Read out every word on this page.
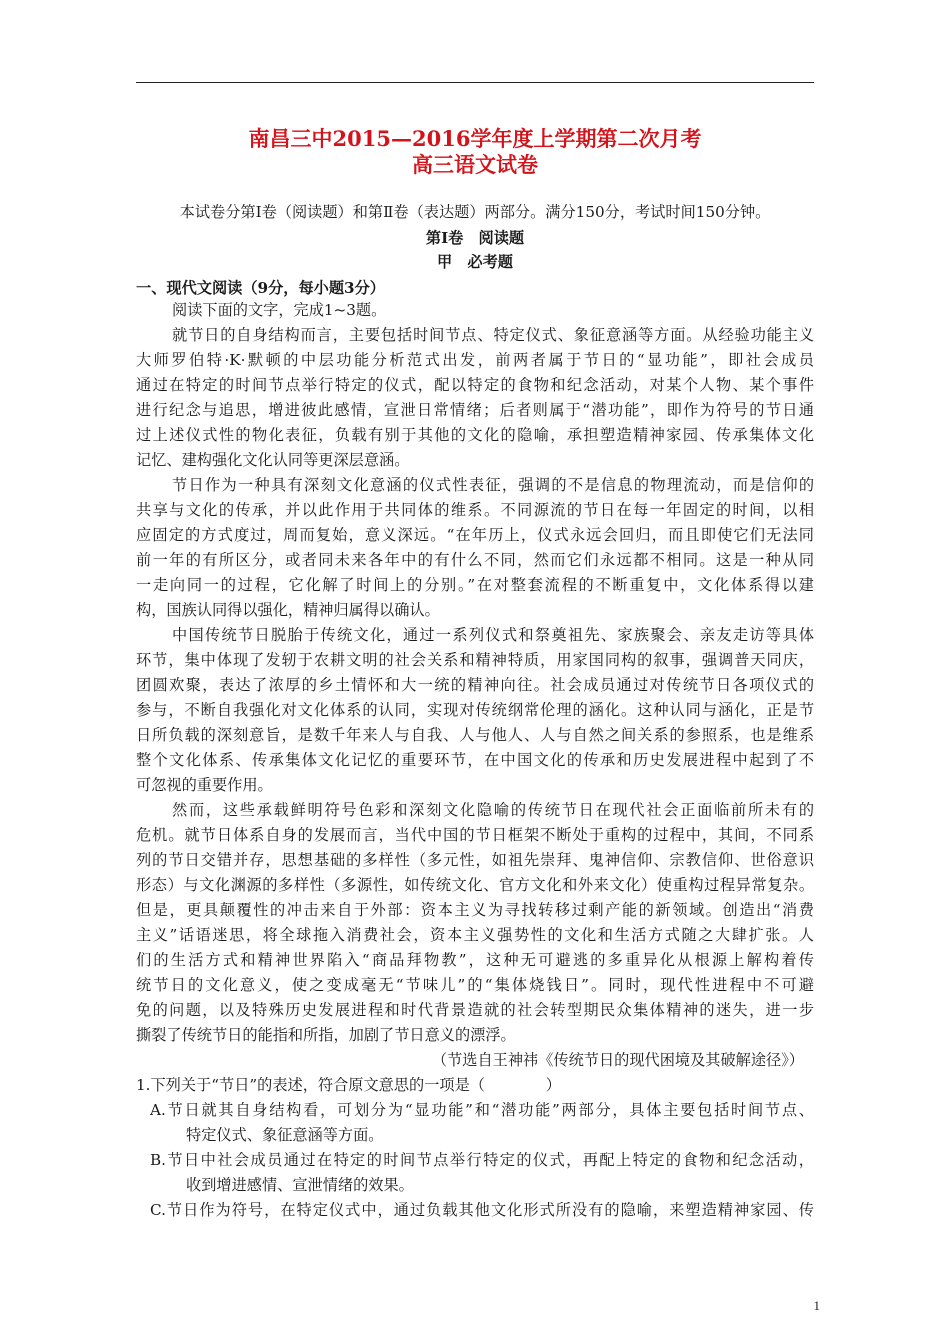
南昌三中2015—2016学年度上学期第二次月考
高三语文试卷
本试卷分第Ⅰ卷（阅读题）和第Ⅱ卷（表达题）两部分。满分150分，考试时间150分钟。
第Ⅰ卷　阅读题
甲　必考题
一、现代文阅读（9分，每小题3分）
阅读下面的文字，完成1~3题。
就节日的自身结构而言，主要包括时间节点、特定仪式、象征意涵等方面。从经验功能主义
大师罗伯特·K·默顿的中层功能分析范式出发，前两者属于节日的“显功能”，即社会成员
通过在特定的时间节点举行特定的仪式，配以特定的食物和纪念活动，对某个人物、某个事件
进行纪念与追思，增进彼此感情，宣泄日常情绪；后者则属于“潜功能”，即作为符号的节日通
过上述仪式性的物化表征，负载有别于其他的文化的隐喻，承担塑造精神家园、传承集体文化
记忆、建构强化文化认同等更深层意涵。
节日作为一种具有深刻文化意涵的仪式性表征，强调的不是信息的物理流动，而是信仰的
共享与文化的传承，并以此作用于共同体的维系。不同源流的节日在每一年固定的时间，以相
应固定的方式度过，周而复始，意义深远。“在年历上，仪式永远会回归，而且即使它们无法同
前一年的有所区分，或者同未来各年中的有什么不同，然而它们永远都不相同。这是一种从同
一走向同一的过程，它化解了时间上的分别。”在对整套流程的不断重复中，文化体系得以建
构，国族认同得以强化，精神归属得以确认。
中国传统节日脱胎于传统文化，通过一系列仪式和祭奠祖先、家族聚会、亲友走访等具体
环节，集中体现了发轫于农耕文明的社会关系和精神特质，用家国同构的叙事，强调普天同庆，
团圆欢聚，表达了浓厚的乡土情怀和大一统的精神向往。社会成员通过对传统节日各项仪式的
参与，不断自我强化对文化体系的认同，实现对传统纲常伦理的涵化。这种认同与涵化，正是节
日所负载的深刻意旨，是数千年来人与自我、人与他人、人与自然之间关系的参照系，也是维系
整个文化体系、传承集体文化记忆的重要环节，在中国文化的传承和历史发展进程中起到了不
可忽视的重要作用。
然而，这些承载鲜明符号色彩和深刻文化隐喻的传统节日在现代社会正面临前所未有的
危机。就节日体系自身的发展而言，当代中国的节日框架不断处于重构的过程中，其间，不同系
列的节日交错并存，思想基础的多样性（多元性，如祖先崇拜、鬼神信仰、宗教信仰、世俗意识
形态）与文化渊源的多样性（多源性，如传统文化、官方文化和外来文化）使重构过程异常复杂。
但是，更具颠覆性的冲击来自于外部：资本主义为寻找转移过剩产能的新领域。创造出“消费
主义”话语迷思，将全球拖入消费社会，资本主义强势性的文化和生活方式随之大肆扩张。人
们的生活方式和精神世界陷入“商品拜物教”，这种无可避逃的多重异化从根源上解构着传
统节日的文化意义，使之变成毫无“节味儿”的“集体烧钱日”。同时，现代性进程中不可避
免的问题，以及特殊历史发展进程和时代背景造就的社会转型期民众集体精神的迷失，进一步
撕裂了传统节日的能指和所指，加剧了节日意义的漂浮。
（节选自王神祎《传统节日的现代困境及其破解途径》）
1.下列关于“节日”的表述，符合原文意思的一项是（　　　　）
A.节日就其自身结构看，可划分为“显功能”和“潜功能”两部分，具体主要包括时间节点、
特定仪式、象征意涵等方面。
B.节日中社会成员通过在特定的时间节点举行特定的仪式，再配上特定的食物和纪念活动，
收到增进感情、宣泄情绪的效果。
C.节日作为符号，在特定仪式中，通过负载其他文化形式所没有的隐喻，来塑造精神家园、传
1
